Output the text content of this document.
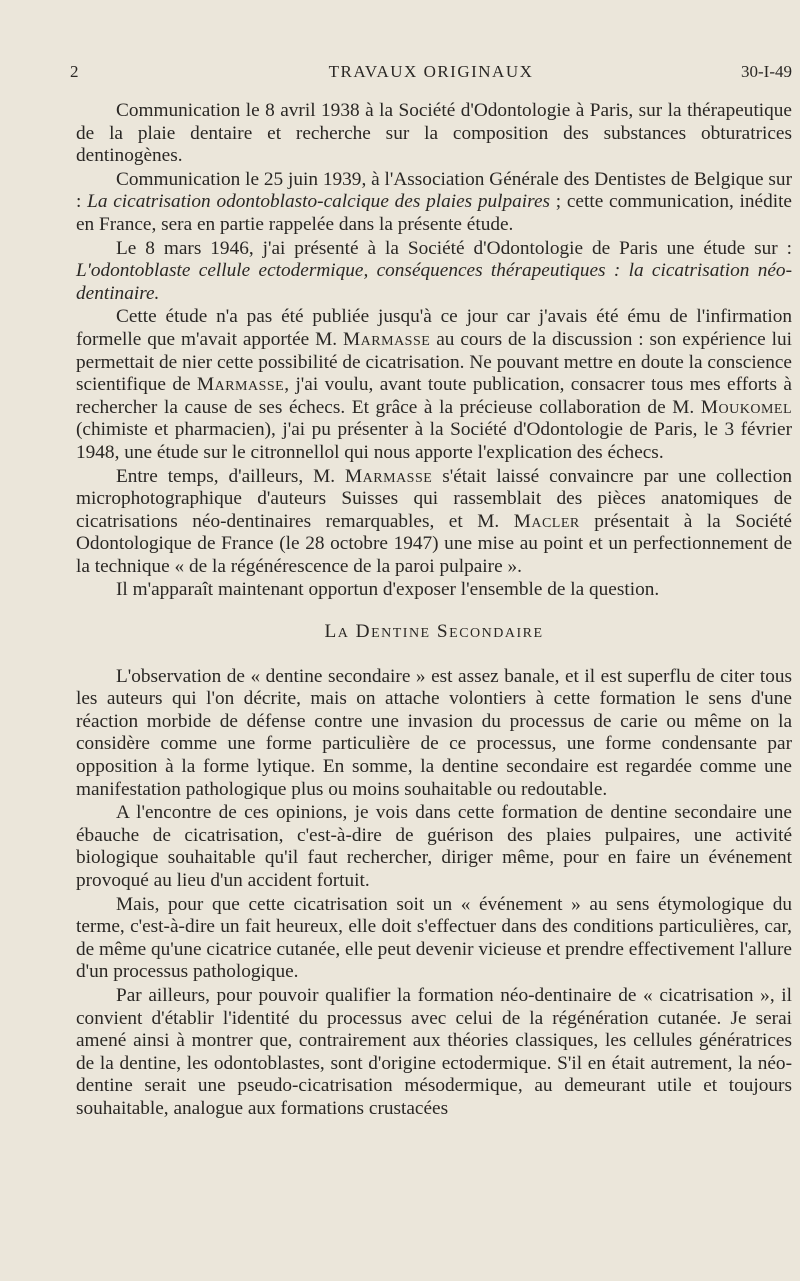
2	TRAVAUX ORIGINAUX	30-I-49

Communication le 8 avril 1938 à la Société d'Odontologie à Paris, sur la thérapeutique de la plaie dentaire et recherche sur la composition des substances obturatrices dentinogènes.

Communication le 25 juin 1939, à l'Association Générale des Dentistes de Belgique sur : La cicatrisation odontoblasto-calcique des plaies pulpaires ; cette communication, inédite en France, sera en partie rappelée dans la présente étude.

Le 8 mars 1946, j'ai présenté à la Société d'Odontologie de Paris une étude sur : L'odontoblaste cellule ectodermique, conséquences thérapeutiques : la cicatrisation néo-dentinaire.

Cette étude n'a pas été publiée jusqu'à ce jour car j'avais été ému de l'infirmation formelle que m'avait apportée M. Marmasse au cours de la discussion : son expérience lui permettait de nier cette possibilité de cicatrisation. Ne pouvant mettre en doute la conscience scientifique de Marmasse, j'ai voulu, avant toute publication, consacrer tous mes efforts à rechercher la cause de ses échecs. Et grâce à la précieuse collaboration de M. Moukomel (chimiste et pharmacien), j'ai pu présenter à la Société d'Odontologie de Paris, le 3 février 1948, une étude sur le citronnellol qui nous apporte l'explication des échecs.

Entre temps, d'ailleurs, M. Marmasse s'était laissé convaincre par une collection microphotographique d'auteurs Suisses qui rassemblait des pièces anatomiques de cicatrisations néo-dentinaires remarquables, et M. Macler présentait à la Société Odontologique de France (le 28 octobre 1947) une mise au point et un perfectionnement de la technique « de la régénérescence de la paroi pulpaire ».

Il m'apparaît maintenant opportun d'exposer l'ensemble de la question.

La Dentine Secondaire

L'observation de « dentine secondaire » est assez banale, et il est superflu de citer tous les auteurs qui l'on décrite, mais on attache volontiers à cette formation le sens d'une réaction morbide de défense contre une invasion du processus de carie ou même on la considère comme une forme particulière de ce processus, une forme condensante par opposition à la forme lytique. En somme, la dentine secondaire est regardée comme une manifestation pathologique plus ou moins souhaitable ou redoutable.

A l'encontre de ces opinions, je vois dans cette formation de dentine secondaire une ébauche de cicatrisation, c'est-à-dire de guérison des plaies pulpaires, une activité biologique souhaitable qu'il faut rechercher, diriger même, pour en faire un événement provoqué au lieu d'un accident fortuit.

Mais, pour que cette cicatrisation soit un « événement » au sens étymologique du terme, c'est-à-dire un fait heureux, elle doit s'effectuer dans des conditions particulières, car, de même qu'une cicatrice cutanée, elle peut devenir vicieuse et prendre effectivement l'allure d'un processus pathologique.

Par ailleurs, pour pouvoir qualifier la formation néo-dentinaire de « cicatrisation », il convient d'établir l'identité du processus avec celui de la régénération cutanée. Je serai amené ainsi à montrer que, contrairement aux théories classiques, les cellules génératrices de la dentine, les odontoblastes, sont d'origine ectodermique. S'il en était autrement, la néo-dentine serait une pseudo-cicatrisation mésodermique, au demeurant utile et toujours souhaitable, analogue aux formations crustacées
